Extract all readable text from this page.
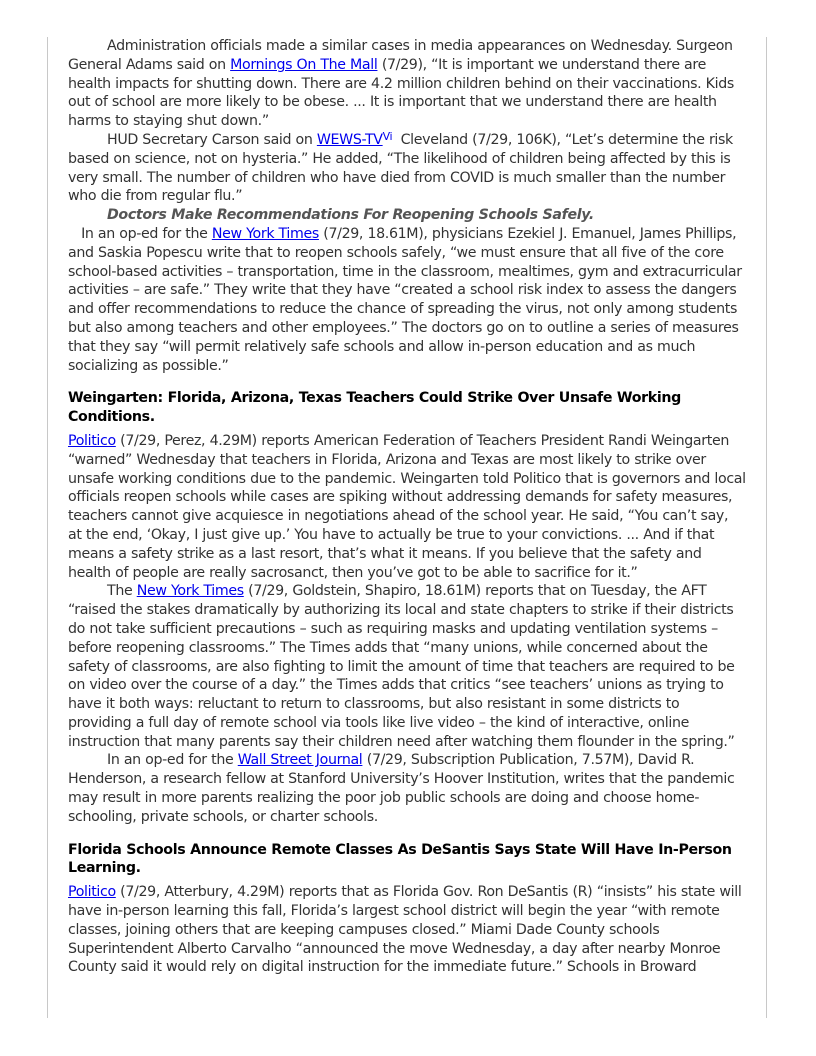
Administration officials made a similar cases in media appearances on Wednesday. Surgeon General Adams said on Mornings On The Mall (7/29), “It is important we understand there are health impacts for shutting down. There are 4.2 million children behind on their vaccinations. Kids out of school are more likely to be obese. ... It is important that we understand there are health harms to staying shut down.”

HUD Secretary Carson said on WEWS-$TV^{Vi}$ Cleveland (7/29, 106K), “Let’s determine the risk based on science, not on hysteria.” He added, “The likelihood of children being affected by this is very small. The number of children who have died from COVID is much smaller than the number who die from regular flu.”

Doctors Make Recommendations For Reopening Schools Safely.   In an op-ed for the New York Times (7/29, 18.61M), physicians Ezekiel J. Emanuel, James Phillips, and Saskia Popescu write that to reopen schools safely, “we must ensure that all five of the core school-based activities – transportation, time in the classroom, mealtimes, gym and extracurricular activities – are safe.” They write that they have “created a school risk index to assess the dangers and offer recommendations to reduce the chance of spreading the virus, not only among students but also among teachers and other employees.” The doctors go on to outline a series of measures that they say “will permit relatively safe schools and allow in-person education and as much socializing as possible.”

Weingarten: Florida, Arizona, Texas Teachers Could Strike Over Unsafe Working Conditions.

Politico (7/29, Perez, 4.29M) reports American Federation of Teachers President Randi Weingarten “warned” Wednesday that teachers in Florida, Arizona and Texas are most likely to strike over unsafe working conditions due to the pandemic. Weingarten told Politico that is governors and local officials reopen schools while cases are spiking without addressing demands for safety measures, teachers cannot give acquiesce in negotiations ahead of the school year. He said, “You can’t say, at the end, ‘Okay, I just give up.’ You have to actually be true to your convictions. ... And if that means a safety strike as a last resort, that’s what it means. If you believe that the safety and health of people are really sacrosanct, then you’ve got to be able to sacrifice for it.”

The New York Times (7/29, Goldstein, Shapiro, 18.61M) reports that on Tuesday, the AFT “raised the stakes dramatically by authorizing its local and state chapters to strike if their districts do not take sufficient precautions – such as requiring masks and updating ventilation systems – before reopening classrooms.” The Times adds that “many unions, while concerned about the safety of classrooms, are also fighting to limit the amount of time that teachers are required to be on video over the course of a day.” the Times adds that critics “see teachers’ unions as trying to have it both ways: reluctant to return to classrooms, but also resistant in some districts to providing a full day of remote school via tools like live video – the kind of interactive, online instruction that many parents say their children need after watching them flounder in the spring.”

In an op-ed for the Wall Street Journal (7/29, Subscription Publication, 7.57M), David R. Henderson, a research fellow at Stanford University’s Hoover Institution, writes that the pandemic may result in more parents realizing the poor job public schools are doing and choose home-schooling, private schools, or charter schools.

Florida Schools Announce Remote Classes As DeSantis Says State Will Have In-Person Learning.

Politico (7/29, Atterbury, 4.29M) reports that as Florida Gov. Ron DeSantis (R) “insists” his state will have in-person learning this fall, Florida’s largest school district will begin the year “with remote classes, joining others that are keeping campuses closed.” Miami Dade County schools Superintendent Alberto Carvalho “announced the move Wednesday, a day after nearby Monroe County said it would rely on digital instruction for the immediate future.” Schools in Broward
